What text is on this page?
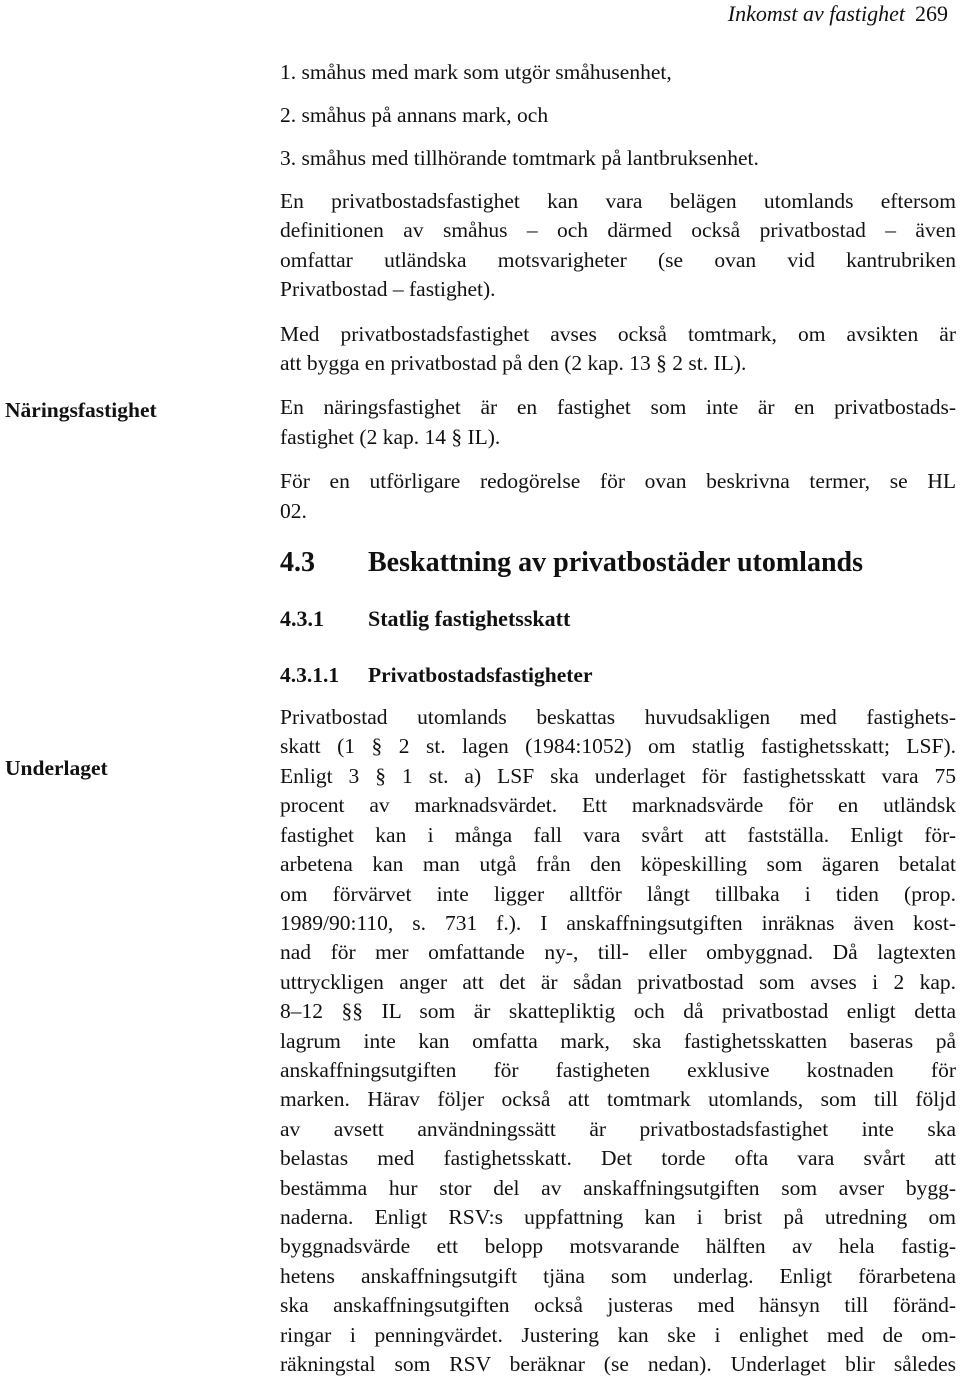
Inkomst av fastighet 269
Näringsfastighet
Underlaget
1. småhus med mark som utgör småhusenhet,
2. småhus på annans mark, och
3. småhus med tillhörande tomtmark på lantbruksenhet.

En privatbostadsfastighet kan vara belägen utomlands eftersom
definitionen av småhus – och därmed också privatbostad – även
omfattar utländska motsvarigheter (se ovan vid kantrubriken
Privatbostad – fastighet).

Med privatbostadsfastighet avses också tomtmark, om avsikten är
att bygga en privatbostad på den (2 kap. 13 § 2 st. IL).

En näringsfastighet är en fastighet som inte är en privatbostads-
fastighet (2 kap. 14 § IL).

För en utförligare redogörelse för ovan beskrivna termer, se HL
02.

4.3	Beskattning av privatbostäder utomlands
4.3.1	Statlig fastighetsskatt
4.3.1.1	Privatbostadsfastigheter

Privatbostad utomlands beskattas huvudsakligen med fastighets-
skatt (1 § 2 st. lagen (1984:1052) om statlig fastighetsskatt; LSF).
Enligt 3 § 1 st. a) LSF ska underlaget för fastighetsskatt vara 75
procent av marknadsvärdet. Ett marknadsvärde för en utländsk
fastighet kan i många fall vara svårt att fastställa. Enligt för-
arbetena kan man utgå från den köpeskilling som ägaren betalat
om förvärvet inte ligger alltför långt tillbaka i tiden (prop.
1989/90:110, s. 731 f.). I anskaffningsutgiften inräknas även kost-
nad för mer omfattande ny-, till- eller ombyggnad. Då lagtexten
uttryckligen anger att det är sådan privatbostad som avses i 2 kap.
8–12 §§ IL som är skattepliktig och då privatbostad enligt detta
lagrum inte kan omfatta mark, ska fastighetsskatten baseras på
anskaffningsutgiften för fastigheten exklusive kostnaden för
marken. Härav följer också att tomtmark utomlands, som till följd
av avsett användningssätt är privatbostadsfastighet inte ska
belastas med fastighetsskatt. Det torde ofta vara svårt att
bestämma hur stor del av anskaffningsutgiften som avser bygg-
naderna. Enligt RSV:s uppfattning kan i brist på utredning om
byggnadsvärde ett belopp motsvarande hälften av hela fastig-
hetens anskaffningsutgift tjäna som underlag. Enligt förarbetena
ska anskaffningsutgiften också justeras med hänsyn till föränd-
ringar i penningvärdet. Justering kan ske i enlighet med de om-
räkningstal som RSV beräknar (se nedan). Underlaget blir således
